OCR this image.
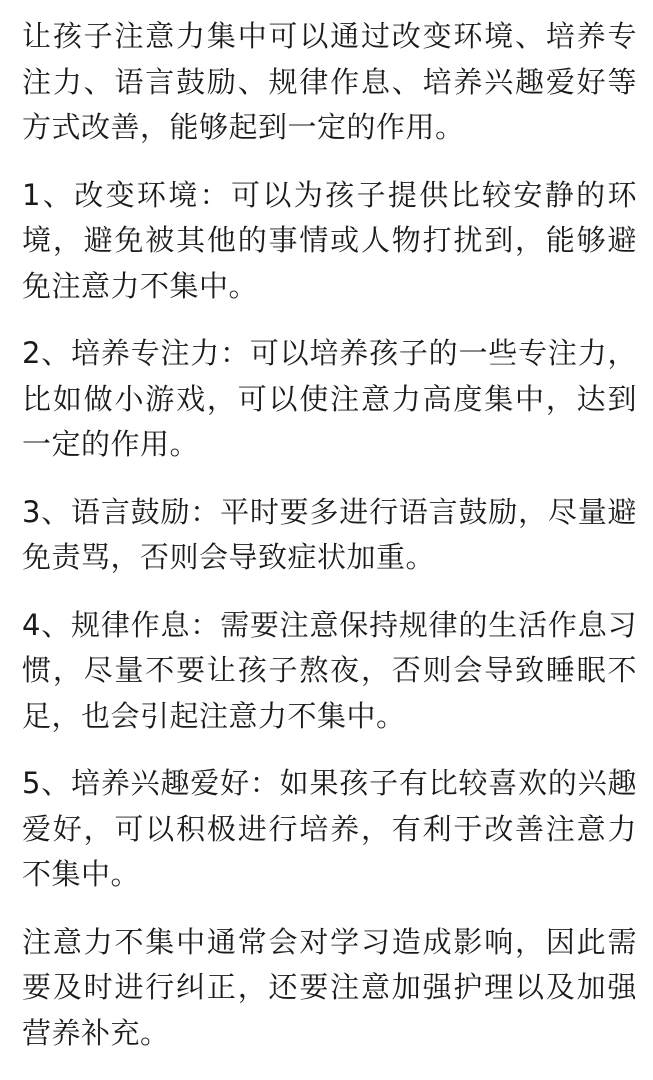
让孩子注意力集中可以通过改变环境、培养专注力、语言鼓励、规律作息、培养兴趣爱好等方式改善，能够起到一定的作用。

1、改变环境：可以为孩子提供比较安静的环境，避免被其他的事情或人物打扰到，能够避免注意力不集中。

2、培养专注力：可以培养孩子的一些专注力，比如做小游戏，可以使注意力高度集中，达到一定的作用。

3、语言鼓励：平时要多进行语言鼓励，尽量避免责骂，否则会导致症状加重。

4、规律作息：需要注意保持规律的生活作息习惯，尽量不要让孩子熬夜，否则会导致睡眠不足，也会引起注意力不集中。

5、培养兴趣爱好：如果孩子有比较喜欢的兴趣爱好，可以积极进行培养，有利于改善注意力不集中。

注意力不集中通常会对学习造成影响，因此需要及时进行纠正，还要注意加强护理以及加强营养补充。
